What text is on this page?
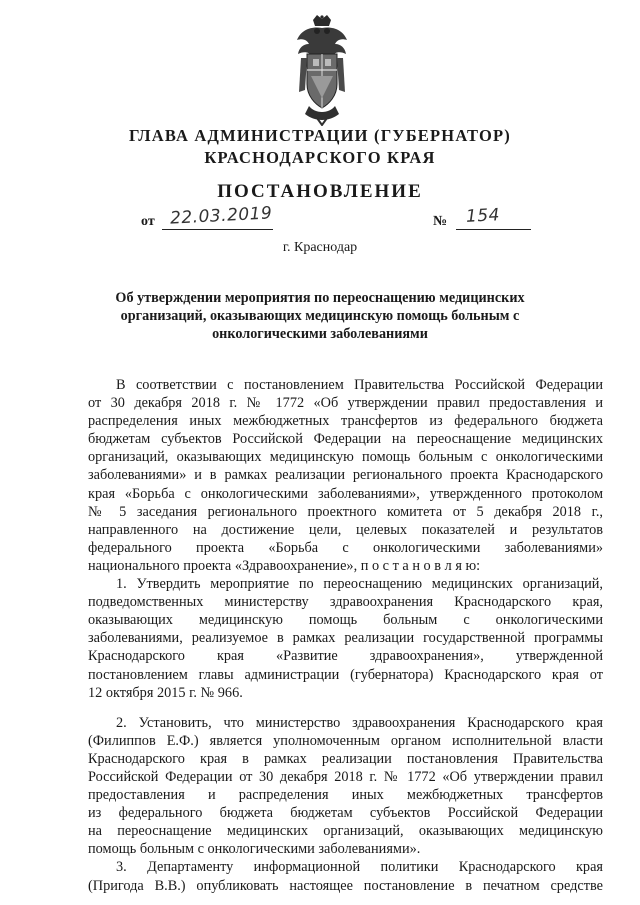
ГЛАВА АДМИНИСТРАЦИИ (ГУБЕРНАТОР)
КРАСНОДАРСКОГО КРАЯ
ПОСТАНОВЛЕНИЕ
от 22.03.2019	№ 154
г. Краснодар
Об утверждении мероприятия по переоснащению медицинских
организаций, оказывающих медицинскую помощь больным с
онкологическими заболеваниями
В соответствии с постановлением Правительства Российской Федерации
от 30 декабря 2018 г. № 1772 «Об утверждении правил предоставления и
распределения иных межбюджетных трансфертов из федерального бюджета
бюджетам субъектов Российской Федерации на переоснащение медицинских
организаций, оказывающих медицинскую помощь больным с онкологическими
заболеваниями» и в рамках реализации регионального проекта Краснодарского
края «Борьба с онкологическими заболеваниями», утвержденного протоколом
№ 5 заседания регионального проектного комитета от 5 декабря 2018 г.,
направленного на достижение цели, целевых показателей и результатов
федерального проекта «Борьба с онкологическими заболеваниями»
национального проекта «Здравоохранение», п о с т а н о в л я ю:
1. Утвердить мероприятие по переоснащению медицинских организаций,
подведомственных министерству здравоохранения Краснодарского края,
оказывающих медицинскую помощь больным с онкологическими
заболеваниями, реализуемое в рамках реализации государственной программы
Краснодарского края «Развитие здравоохранения», утвержденной
постановлением главы администрации (губернатора) Краснодарского края от
12 октября 2015 г. № 966.
2. Установить, что министерство здравоохранения Краснодарского края
(Филиппов Е.Ф.) является уполномоченным органом исполнительной власти
Краснодарского края в рамках реализации постановления Правительства
Российской Федерации от 30 декабря 2018 г. № 1772 «Об утверждении правил
предоставления и распределения иных межбюджетных трансфертов
из федерального бюджета бюджетам субъектов Российской Федерации
на переоснащение медицинских организаций, оказывающих медицинскую
помощь больным с онкологическими заболеваниями».
3. Департаменту информационной политики Краснодарского края
(Пригода В.В.) опубликовать настоящее постановление в печатном средстве
